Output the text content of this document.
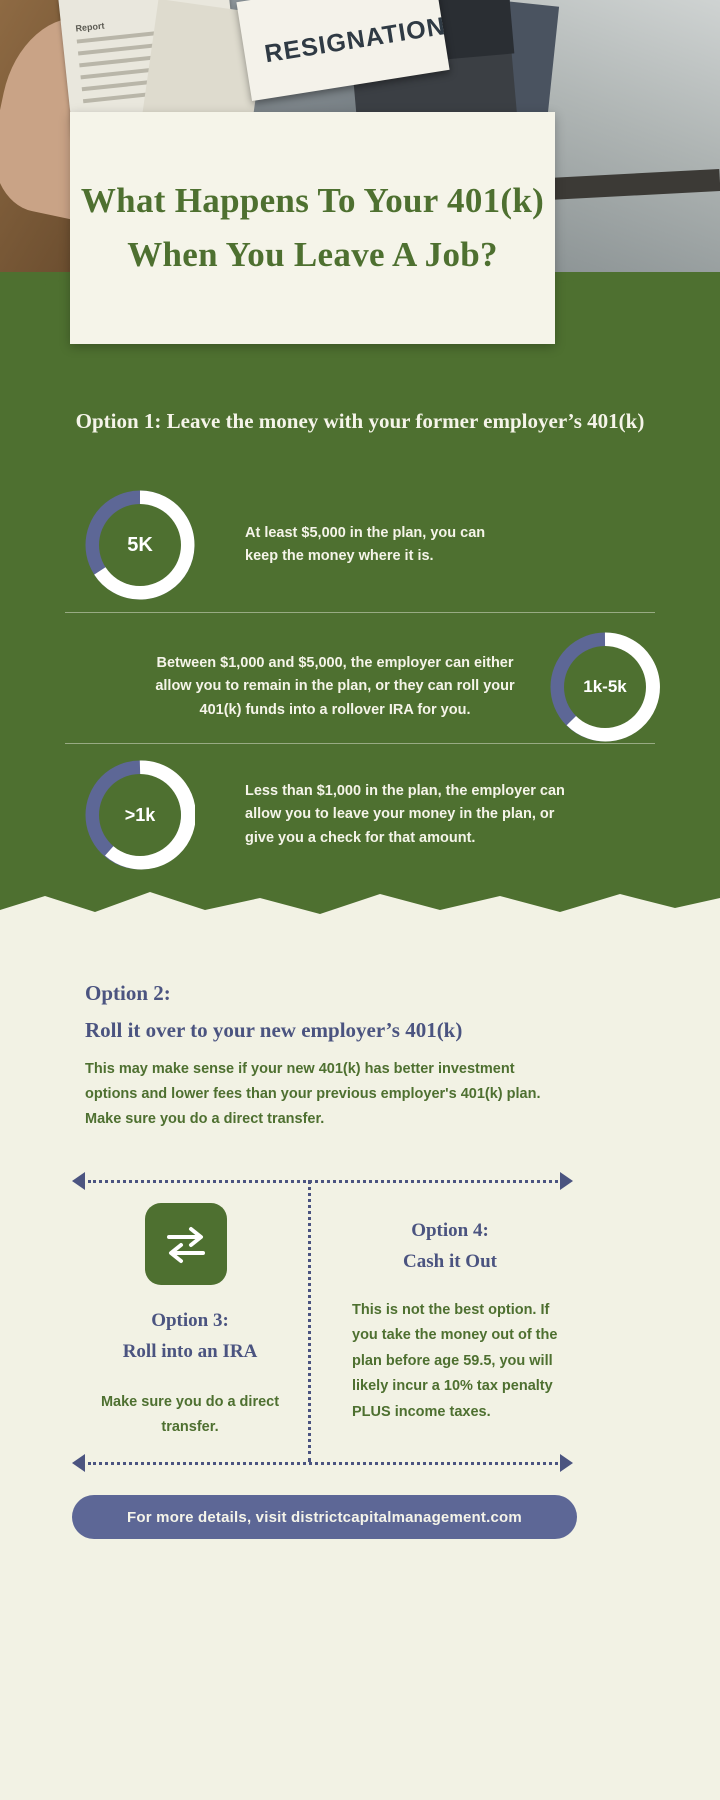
Report	RESIGNATION
What Happens To Your 401(k) When You Leave A Job?
Option 1: Leave the money with your former employer’s 401(k)
5K

At least $5,000 in the plan, you can keep the money where it is.

Between $1,000 and $5,000, the employer can either allow you to remain in the plan, or they can roll your 401(k) funds into a rollover IRA for you.

1k-5k
>1k

Less than $1,000 in the plan, the employer can allow you to leave your money in the plan, or give you a check for that amount.

Option 2:
Roll it over to your new employer’s 401(k)
This may make sense if your new 401(k) has better investment options and lower fees than your previous employer's 401(k) plan. Make sure you do a direct transfer.
Option 3:
Roll into an IRA
Make sure you do a direct transfer.
Option 4:
Cash it Out
This is not the best option. If you take the money out of the plan before age 59.5, you will likely incur a 10% tax penalty PLUS income taxes.
For more details, visit districtcapitalmanagement.com
